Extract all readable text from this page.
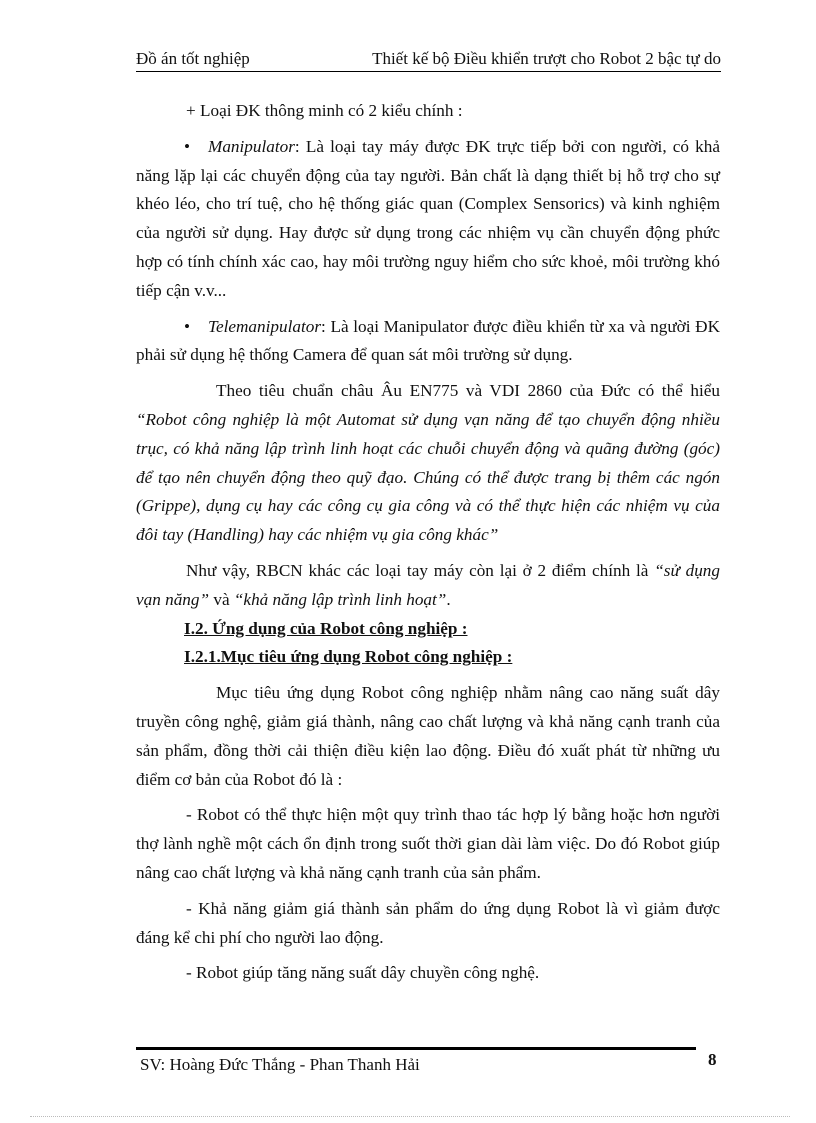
Đồ án tốt nghiệp	Thiết kế bộ Điều khiển trượt cho Robot 2 bậc tự do

+ Loại ĐK thông minh có 2 kiểu chính :

• Manipulator: Là loại tay máy được ĐK trực tiếp bởi con người, có khả năng lặp lại các chuyển động của tay người. Bản chất là dạng thiết bị hỗ trợ cho sự khéo léo, cho trí tuệ, cho hệ thống giác quan (Complex Sensorics) và kinh nghiệm của người sử dụng. Hay được sử dụng trong các nhiệm vụ cần chuyển động phức hợp có tính chính xác cao, hay môi trường nguy hiểm cho sức khoẻ, môi trường khó tiếp cận v.v...

• Telemanipulator: Là loại Manipulator được điều khiển từ xa và người ĐK phải sử dụng hệ thống Camera để quan sát môi trường sử dụng.

Theo tiêu chuẩn châu Âu EN775 và VDI 2860 của Đức có thể hiểu “Robot công nghiệp là một Automat sử dụng vạn năng để tạo chuyển động nhiều trục, có khả năng lập trình linh hoạt các chuỗi chuyển động và quãng đường (góc) để tạo nên chuyển động theo quỹ đạo. Chúng có thể được trang bị thêm các ngón (Grippe), dụng cụ hay các công cụ gia công và có thể thực hiện các nhiệm vụ của đôi tay (Handling) hay các nhiệm vụ gia công khác”

Như vậy, RBCN khác các loại tay máy còn lại ở 2 điểm chính là “sử dụng vạn năng” và “khả năng lập trình linh hoạt”.

I.2. Ứng dụng của Robot công nghiệp :

I.2.1.Mục tiêu ứng dụng Robot công nghiệp :

Mục tiêu ứng dụng Robot công nghiệp nhằm nâng cao năng suất dây truyền công nghệ, giảm giá thành, nâng cao chất lượng và khả năng cạnh tranh của sản phẩm, đồng thời cải thiện điều kiện lao động. Điều đó xuất phát từ những ưu điểm cơ bản của Robot đó là :

- Robot có thể thực hiện một quy trình thao tác hợp lý bằng hoặc hơn người thợ lành nghề một cách ổn định trong suốt thời gian dài làm việc. Do đó Robot giúp nâng cao chất lượng và khả năng cạnh tranh của sản phẩm.

- Khả năng giảm giá thành sản phẩm do ứng dụng Robot là vì giảm được đáng kể chi phí cho người lao động.

- Robot giúp tăng năng suất dây chuyền công nghệ.

SV: Hoàng Đức Thắng - Phan Thanh Hải	8
